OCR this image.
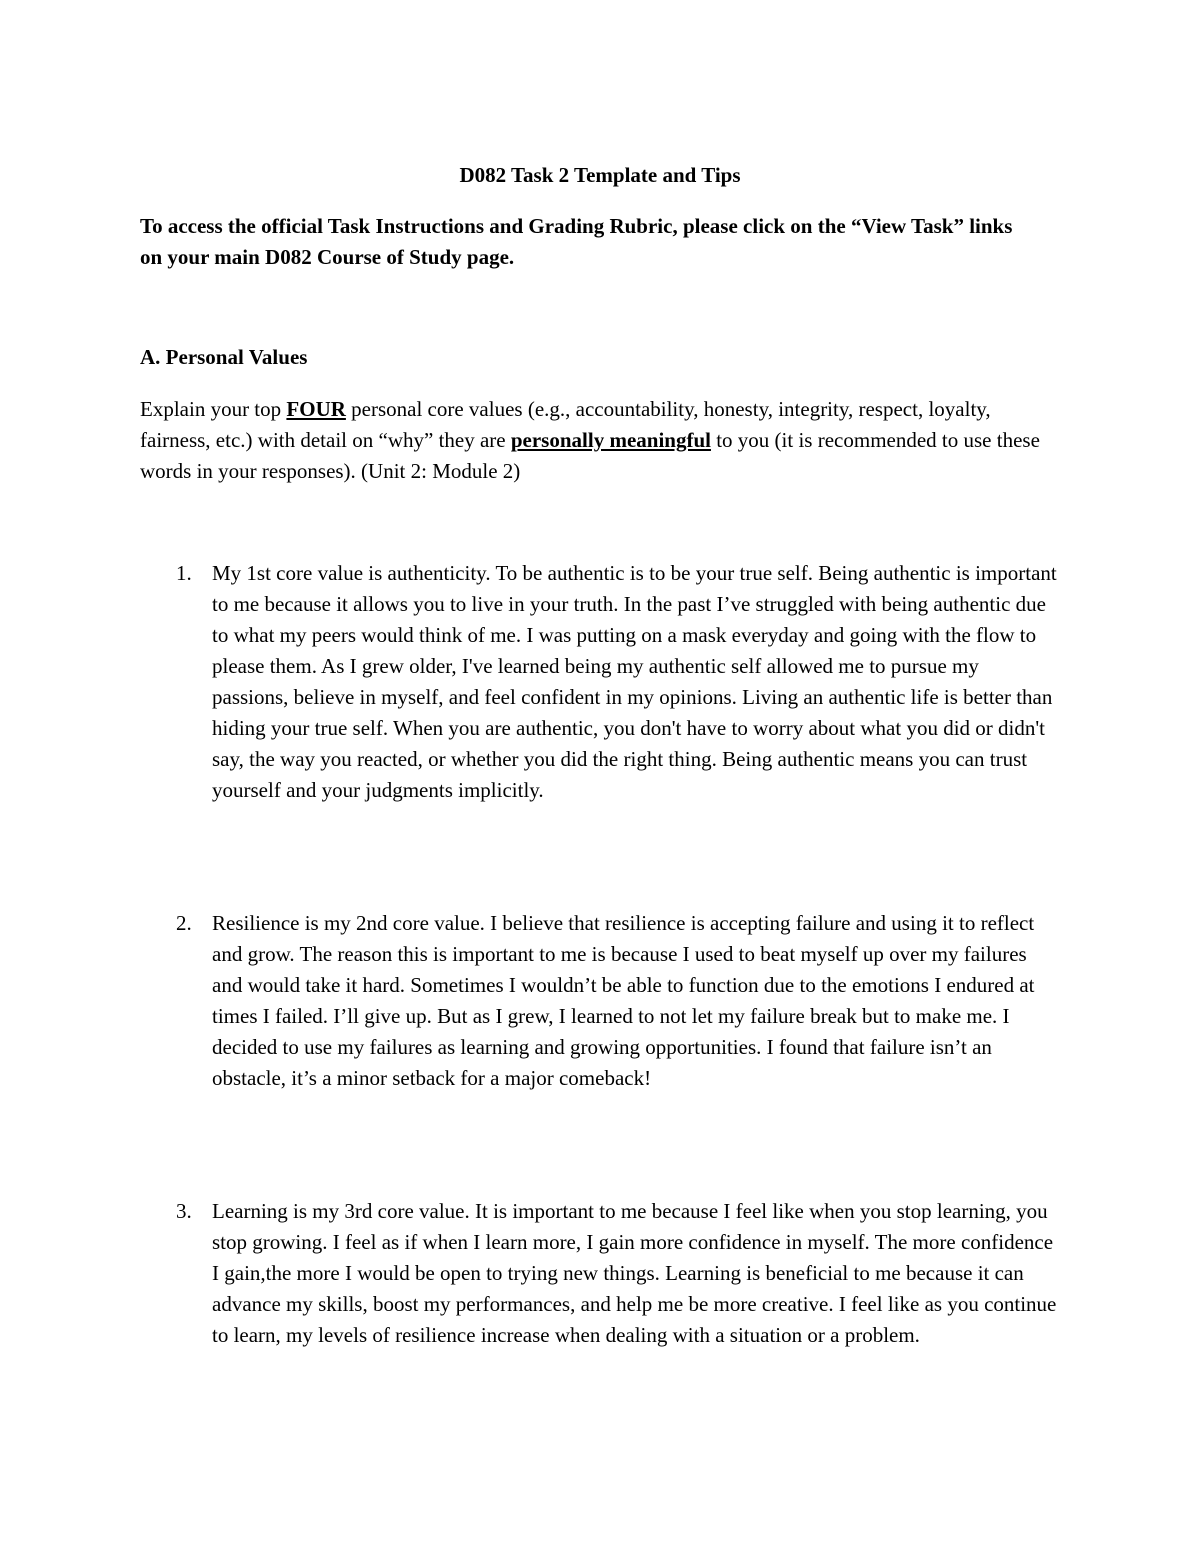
D082 Task 2 Template and Tips

To access the official Task Instructions and Grading Rubric, please click on the “View Task” links on your main D082 Course of Study page.

A. Personal Values

Explain your top FOUR personal core values (e.g., accountability, honesty, integrity, respect, loyalty, fairness, etc.) with detail on “why” they are personally meaningful to you (it is recommended to use these words in your responses). (Unit 2: Module 2)

1. My 1st core value is authenticity. To be authentic is to be your true self. Being authentic is important to me because it allows you to live in your truth. In the past I’ve struggled with being authentic due to what my peers would think of me. I was putting on a mask everyday and going with the flow to please them. As I grew older, I've learned being my authentic self allowed me to pursue my passions, believe in myself, and feel confident in my opinions. Living an authentic life is better than hiding your true self. When you are authentic, you don't have to worry about what you did or didn't say, the way you reacted, or whether you did the right thing. Being authentic means you can trust yourself and your judgments implicitly.
2. Resilience is my 2nd core value. I believe that resilience is accepting failure and using it to reflect and grow. The reason this is important to me is because I used to beat myself up over my failures and would take it hard. Sometimes I wouldn’t be able to function due to the emotions I endured at times I failed. I’ll give up. But as I grew, I learned to not let my failure break but to make me. I decided to use my failures as learning and growing opportunities. I found that failure isn’t an obstacle, it’s a minor setback for a major comeback!
3. Learning is my 3rd core value. It is important to me because I feel like when you stop learning, you stop growing. I feel as if when I learn more, I gain more confidence in myself. The more confidence I gain,the more I would be open to trying new things. Learning is beneficial to me because it can advance my skills, boost my performances, and help me be more creative. I feel like as you continue to learn, my levels of resilience increase when dealing with a situation or a problem.
